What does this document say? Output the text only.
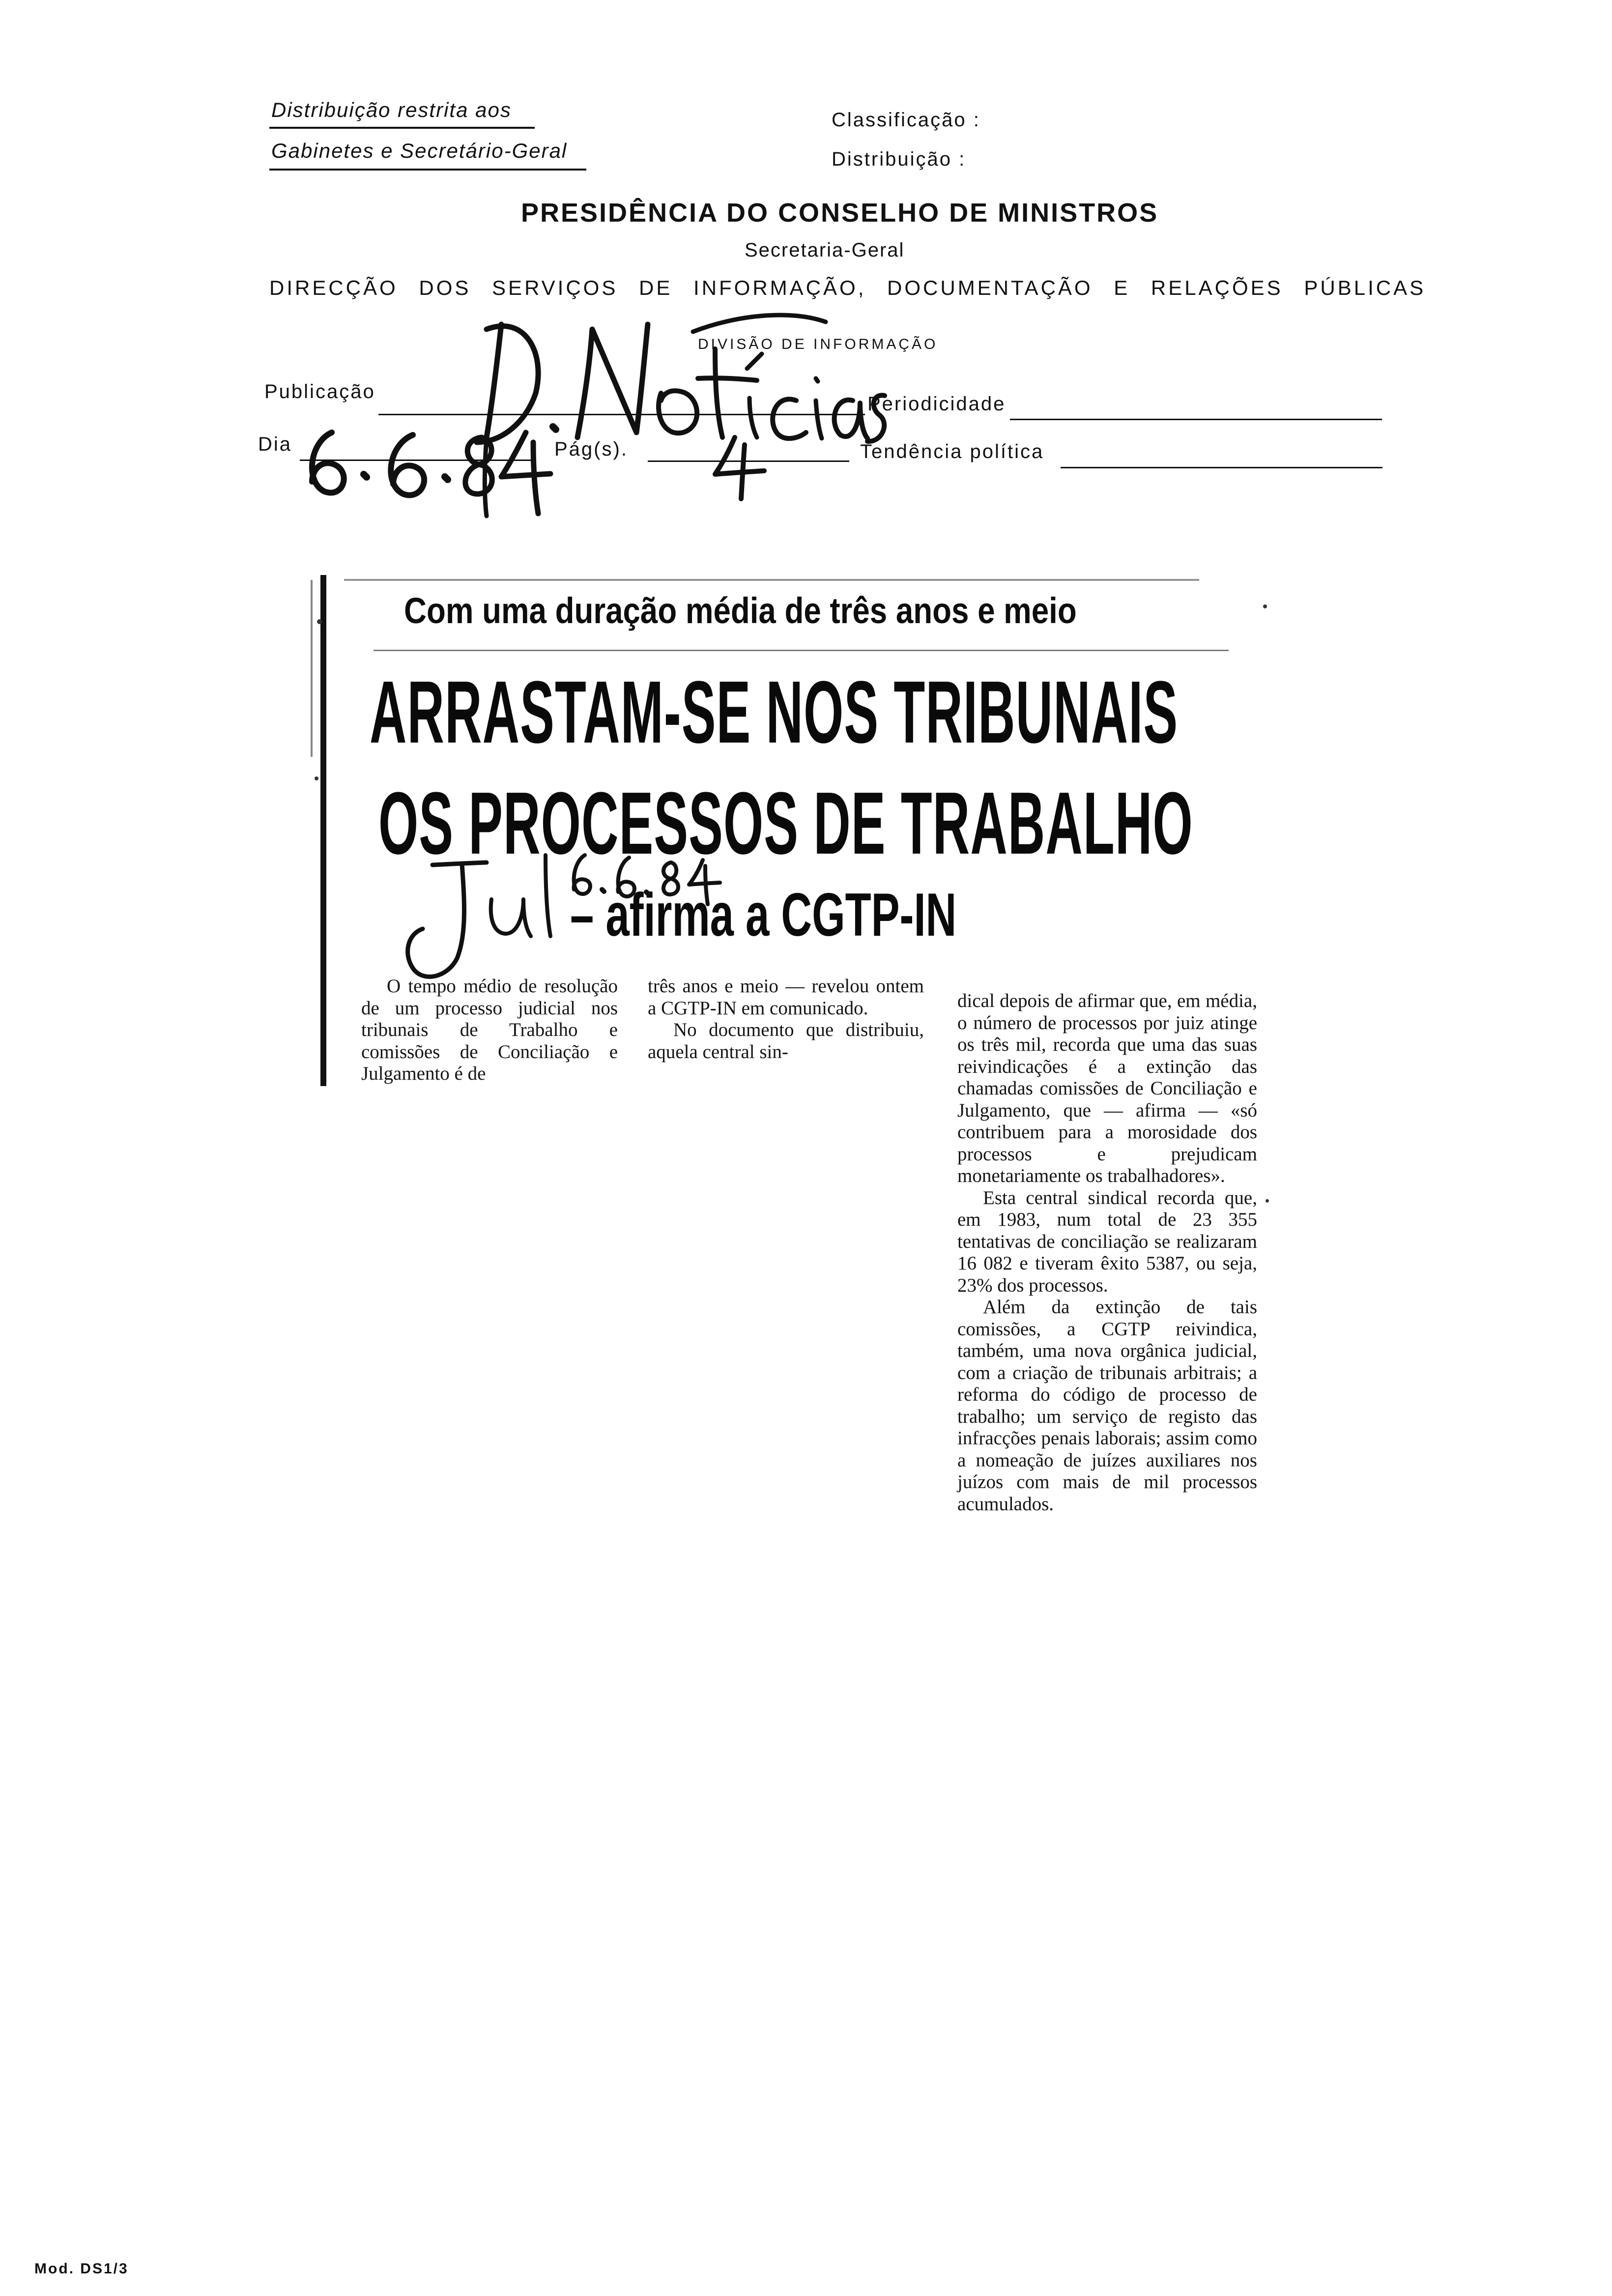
Distribuição restrita aos
Gabinetes e Secretário-Geral
Classificação :
Distribuição :
PRESIDÊNCIA DO CONSELHO DE MINISTROS
Secretaria-Geral
DIRECÇÃO DOS SERVIÇOS DE INFORMAÇÃO, DOCUMENTAÇÃO E RELAÇÕES PÚBLICAS
DIVISÃO DE INFORMAÇÃO
Publicação
Periodicidade
Dia	Pág(s).	Tendência política
Com uma duração média de três anos e meio
ARRASTAM-SE NOS TRIBUNAIS
OS PROCESSOS DE TRABALHO
– afirma a CGTP-IN

O tempo médio de resolução de um processo judicial nos tribunais de Trabalho e comissões de Conciliação e Julgamento é de

três anos e meio — revelou ontem a CGTP-IN em comunicado.

No documento que distribuiu, aquela central sin-

dical depois de afirmar que, em média, o número de processos por juiz atinge os três mil, recorda que uma das suas reivindicações é a extinção das chamadas comissões de Conciliação e Julgamento, que — afirma — «só contribuem para a morosidade dos processos e prejudicam monetariamente os trabalhadores».

Esta central sindical recorda que, em 1983, num total de 23 355 tentativas de conciliação se realizaram 16 082 e tiveram êxito 5387, ou seja, 23% dos processos.

Além da extinção de tais comissões, a CGTP reivindica, também, uma nova orgânica judicial, com a criação de tribunais arbitrais; a reforma do código de processo de trabalho; um serviço de registo das infracções penais laborais; assim como a nomeação de juízes auxiliares nos juízos com mais de mil processos acumulados.

Mod. DS1/3
